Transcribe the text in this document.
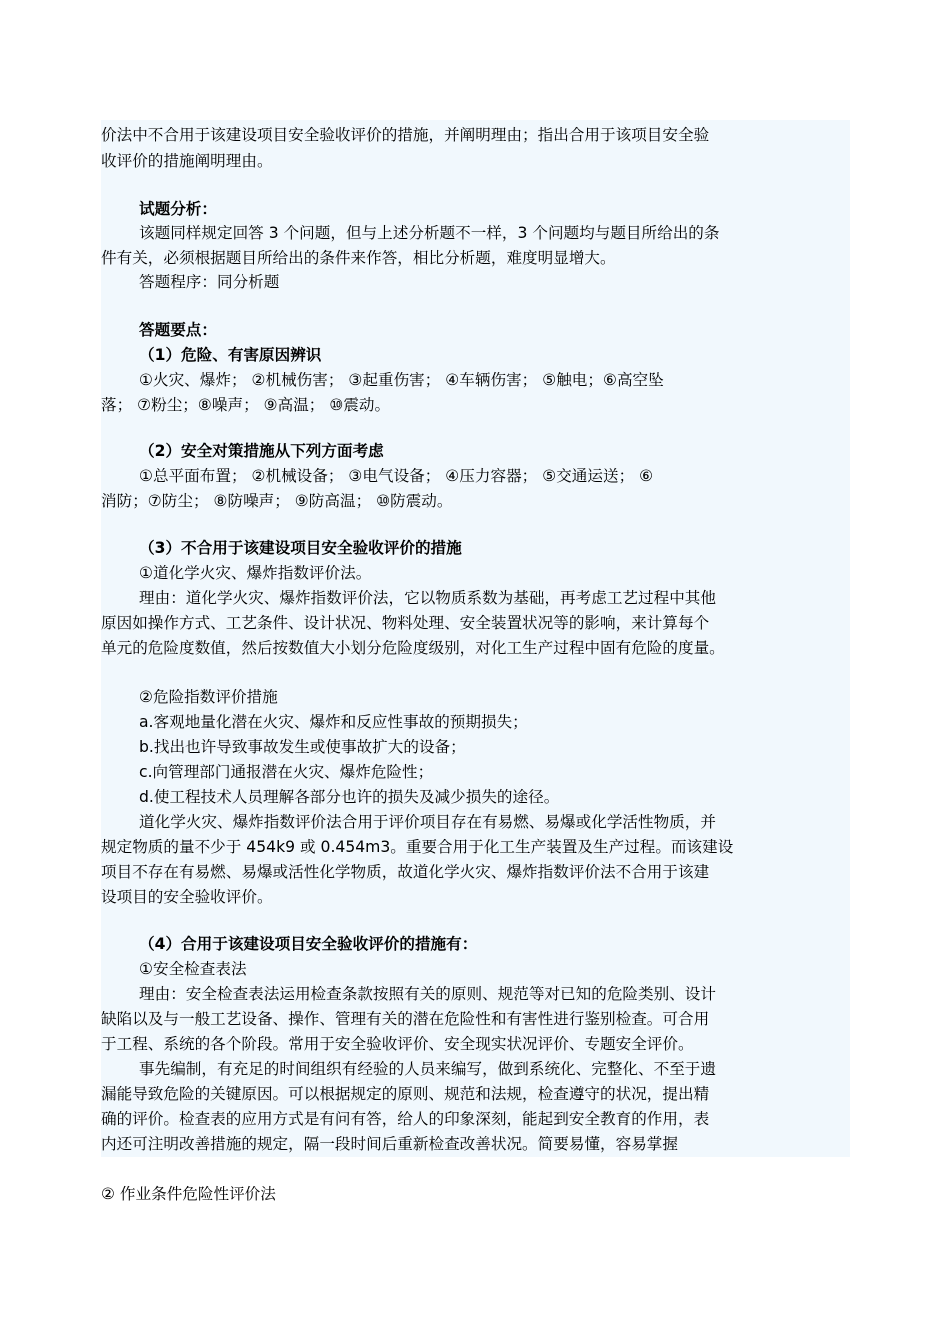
价法中不合用于该建设项目安全验收评价的措施，并阐明理由；指出合用于该项目安全验
收评价的措施阐明理由。
试题分析：
该题同样规定回答 3 个问题，但与上述分析题不一样，3 个问题均与题目所给出的条
件有关，必须根据题目所给出的条件来作答，相比分析题，难度明显增大。
答题程序：同分析题
答题要点：
（1）危险、有害原因辨识
①火灾、爆炸； ②机械伤害； ③起重伤害； ④车辆伤害； ⑤触电；⑥高空坠
落； ⑦粉尘；⑧噪声； ⑨高温； ⑩震动。
（2）安全对策措施从下列方面考虑
①总平面布置； ②机械设备； ③电气设备； ④压力容器； ⑤交通运送； ⑥
消防；⑦防尘； ⑧防噪声； ⑨防高温； ⑩防震动。
（3）不合用于该建设项目安全验收评价的措施
①道化学火灾、爆炸指数评价法。
理由：道化学火灾、爆炸指数评价法，它以物质系数为基础，再考虑工艺过程中其他
原因如操作方式、工艺条件、设计状况、物料处理、安全装置状况等的影响，来计算每个
单元的危险度数值，然后按数值大小划分危险度级别，对化工生产过程中固有危险的度量。
②危险指数评价措施
a.客观地量化潜在火灾、爆炸和反应性事故的预期损失；
b.找出也许导致事故发生或使事故扩大的设备；
c.向管理部门通报潜在火灾、爆炸危险性；
d.使工程技术人员理解各部分也许的损失及减少损失的途径。
道化学火灾、爆炸指数评价法合用于评价项目存在有易燃、易爆或化学活性物质，并
规定物质的量不少于 454k9 或 0.454m3。重要合用于化工生产装置及生产过程。而该建设
项目不存在有易燃、易爆或活性化学物质，故道化学火灾、爆炸指数评价法不合用于该建
设项目的安全验收评价。
（4）合用于该建设项目安全验收评价的措施有：
①安全检查表法
理由：安全检查表法运用检查条款按照有关的原则、规范等对已知的危险类别、设计
缺陷以及与一般工艺设备、操作、管理有关的潜在危险性和有害性进行鉴别检查。可合用
于工程、系统的各个阶段。常用于安全验收评价、安全现实状况评价、专题安全评价。
事先编制，有充足的时间组织有经验的人员来编写，做到系统化、完整化、不至于遗
漏能导致危险的关键原因。可以根据规定的原则、规范和法规，检查遵守的状况，提出精
确的评价。检查表的应用方式是有问有答，给人的印象深刻，能起到安全教育的作用，表
内还可注明改善措施的规定，隔一段时间后重新检查改善状况。简要易懂，容易掌握
② 作业条件危险性评价法
